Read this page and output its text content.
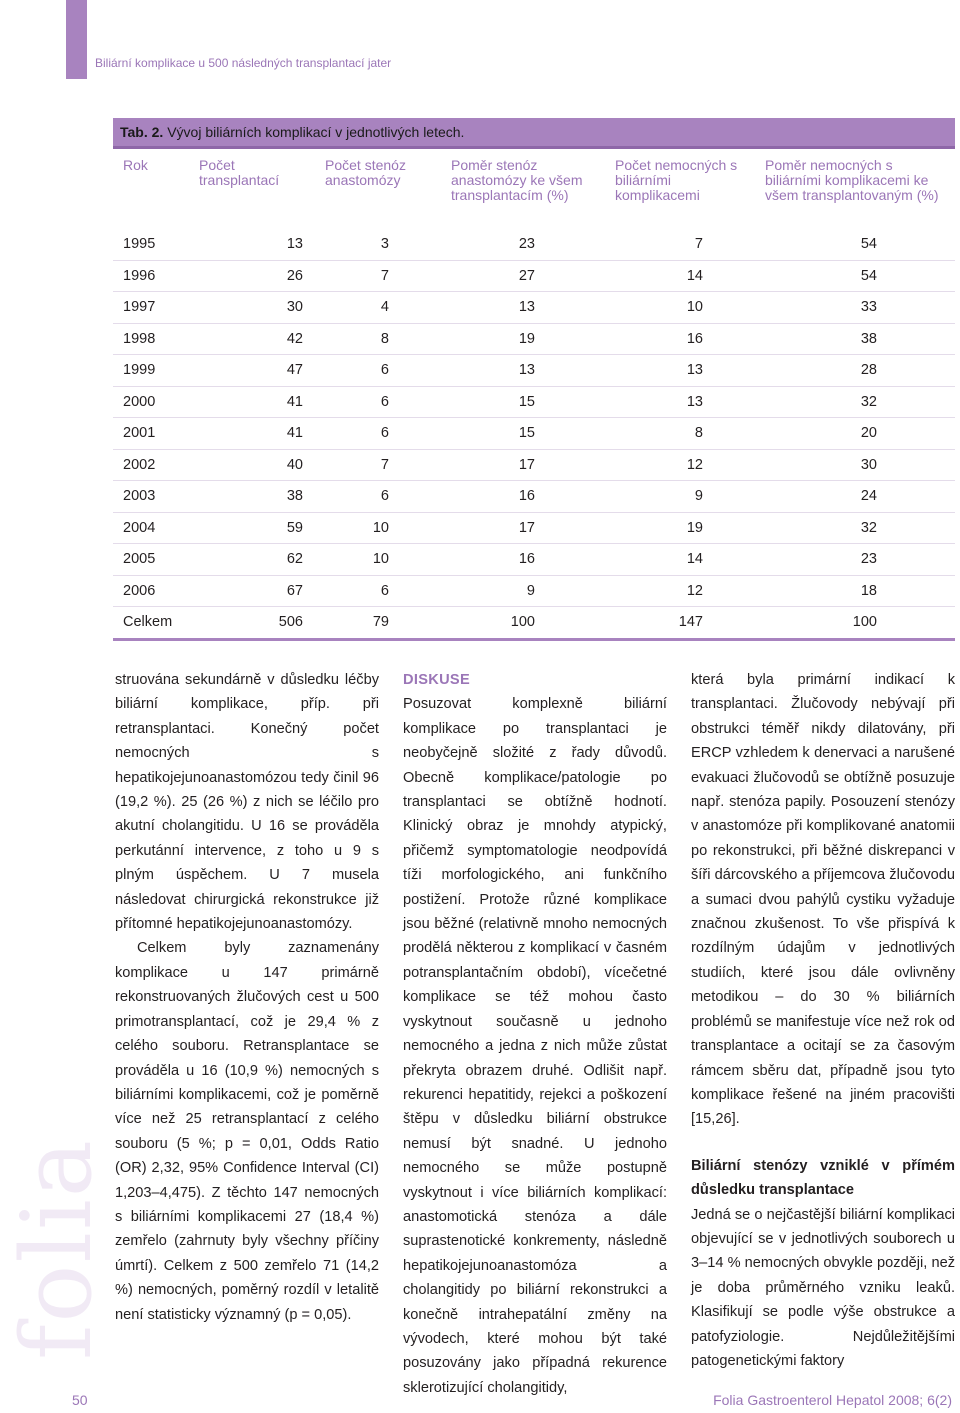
Biliární komplikace u 500 následných transplantací jater
Tab. 2. Vývoj biliárních komplikací v jednotlivých letech.
Rok	Počet transplantací	Počet stenóz anastomózy	Poměr stenóz anastomózy ke všem transplantacím (%)	Počet nemocných s biliárními komplikacemi	Poměr nemocných s biliárními komplikacemi ke všem transplantovaným (%)
1995	13	3	23	7	54
1996	26	7	27	14	54
1997	30	4	13	10	33
1998	42	8	19	16	38
1999	47	6	13	13	28
2000	41	6	15	13	32
2001	41	6	15	8	20
2002	40	7	17	12	30
2003	38	6	16	9	24
2004	59	10	17	19	32
2005	62	10	16	14	23
2006	67	6	9	12	18
Celkem	506	79	100	147	100

struována sekundárně v důsledku léčby biliární komplikace, příp. při retransplantaci. Konečný počet nemocných s hepatikojejunoanastomózou tedy činil 96 (19,2 %). 25 (26 %) z nich se léčilo pro akutní cholangitidu. U 16 se prováděla perkutánní intervence, z toho u 9 s plným úspěchem. U 7 musela následovat chirurgická rekonstrukce již přítomné hepatikojejunoanastomózy.

Celkem byly zaznamenány komplikace u 147 primárně rekonstruovaných žlučových cest u 500 primotransplantací, což je 29,4 % z celého souboru. Retransplantace se prováděla u 16 (10,9 %) nemocných s biliárními komplikacemi, což je poměrně více než 25 retransplantací z celého souboru (5 %; p = 0,01, Odds Ratio (OR) 2,32, 95% Confidence Interval (CI) 1,203–4,475). Z těchto 147 nemocných s biliárními komplikacemi 27 (18,4 %) zemřelo (zahrnuty byly všechny příčiny úmrtí). Celkem z 500 zemřelo 71 (14,2 %) nemocných, poměrný rozdíl v letalitě není statisticky významný (p = 0,05).

DISKUSE

Posuzovat komplexně biliární komplikace po transplantaci je neobyčejně složité z řady důvodů. Obecně komplikace/patologie po transplantaci se obtížně hodnotí. Klinický obraz je mnohdy atypický, přičemž symptomatologie neodpovídá tíži morfologického, ani funkčního postižení. Protože různé komplikace jsou běžné (relativně mnoho nemocných prodělá některou z komplikací v časném potransplantačním období), vícečetné komplikace se též mohou často vyskytnout současně u jednoho nemocného a jedna z nich může zůstat překryta obrazem druhé. Odlišit např. rekurenci hepatitidy, rejekci a poškození štěpu v důsledku biliární obstrukce nemusí být snadné. U jednoho nemocného se může postupně vyskytnout i více biliárních komplikací: anastomotická stenóza a dále suprastenotické konkrementy, následně hepatikojejunoanastomóza a cholangitidy po biliární rekonstrukci a konečně intrahepatální změny na vývodech, které mohou být také posuzovány jako případná rekurence sklerotizující cholangitidy,

která byla primární indikací k transplantaci. Žlučovody nebývají při obstrukci téměř nikdy dilatovány, při ERCP vzhledem k denervaci a narušené evakuaci žlučovodů se obtížně posuzuje např. stenóza papily. Posouzení stenózy v anastomóze při komplikované anatomii po rekonstrukci, při běžné diskrepanci v šíři dárcovského a příjemcova žlučovodu a sumaci dvou pahýlů cystiku vyžaduje značnou zkušenost. To vše přispívá k rozdílným údajům v jednotlivých studiích, které jsou dále ovlivněny metodikou – do 30 % biliárních problémů se manifestuje více než rok od transplantace a ocitají se za časovým rámcem sběru dat, případně jsou tyto komplikace řešené na jiném pracovišti [15,26].

Biliární stenózy vzniklé v přímém důsledku transplantace

Jedná se o nejčastější biliární komplikaci objevující se v jednotlivých souborech u 3–14 % nemocných obvykle později, než je doba průměrného vzniku leaků. Klasifikují se podle výše obstrukce a patofyziologie. Nejdůležitějšími patogenetickými faktory

folia
50	Folia Gastroenterol Hepatol 2008; 6(2)
